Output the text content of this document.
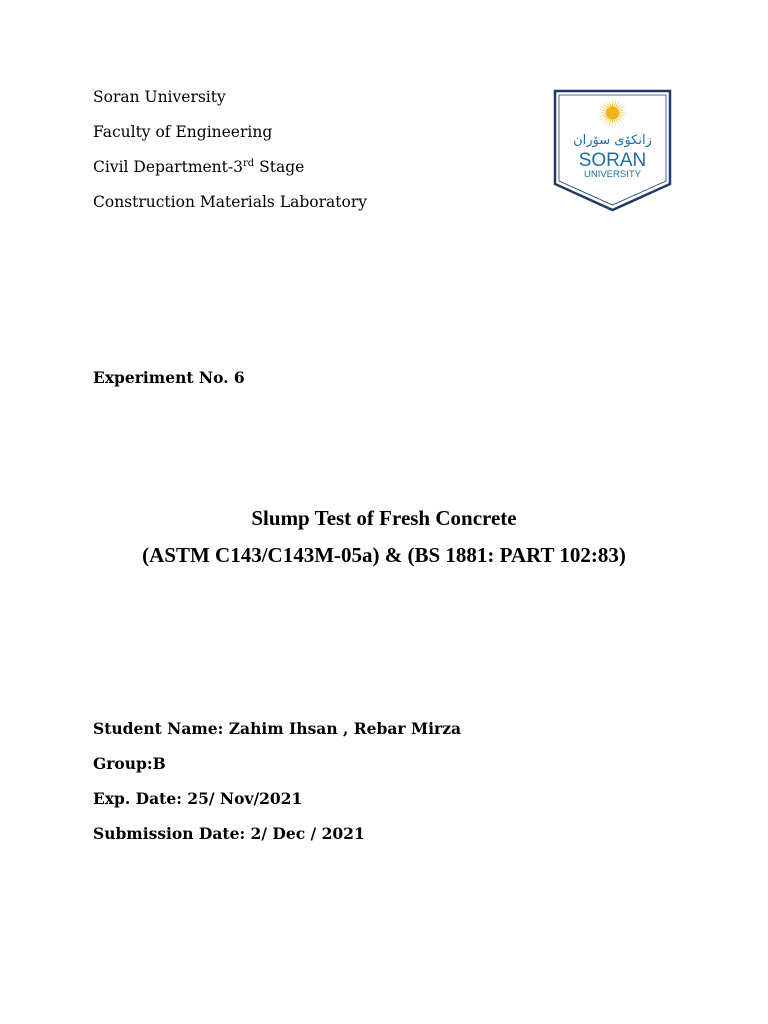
Soran University
Faculty of Engineering
Civil Department-3rd Stage
Construction Materials Laboratory
زانکۆی سۆران
SORAN
UNIVERSITY
Experiment No. 6
Slump Test of Fresh Concrete
(ASTM C143/C143M-05a) & (BS 1881: PART 102:83)
Student Name: Zahim Ihsan , Rebar Mirza
Group:B
Exp. Date: 25/ Nov/2021
Submission Date: 2/ Dec / 2021
